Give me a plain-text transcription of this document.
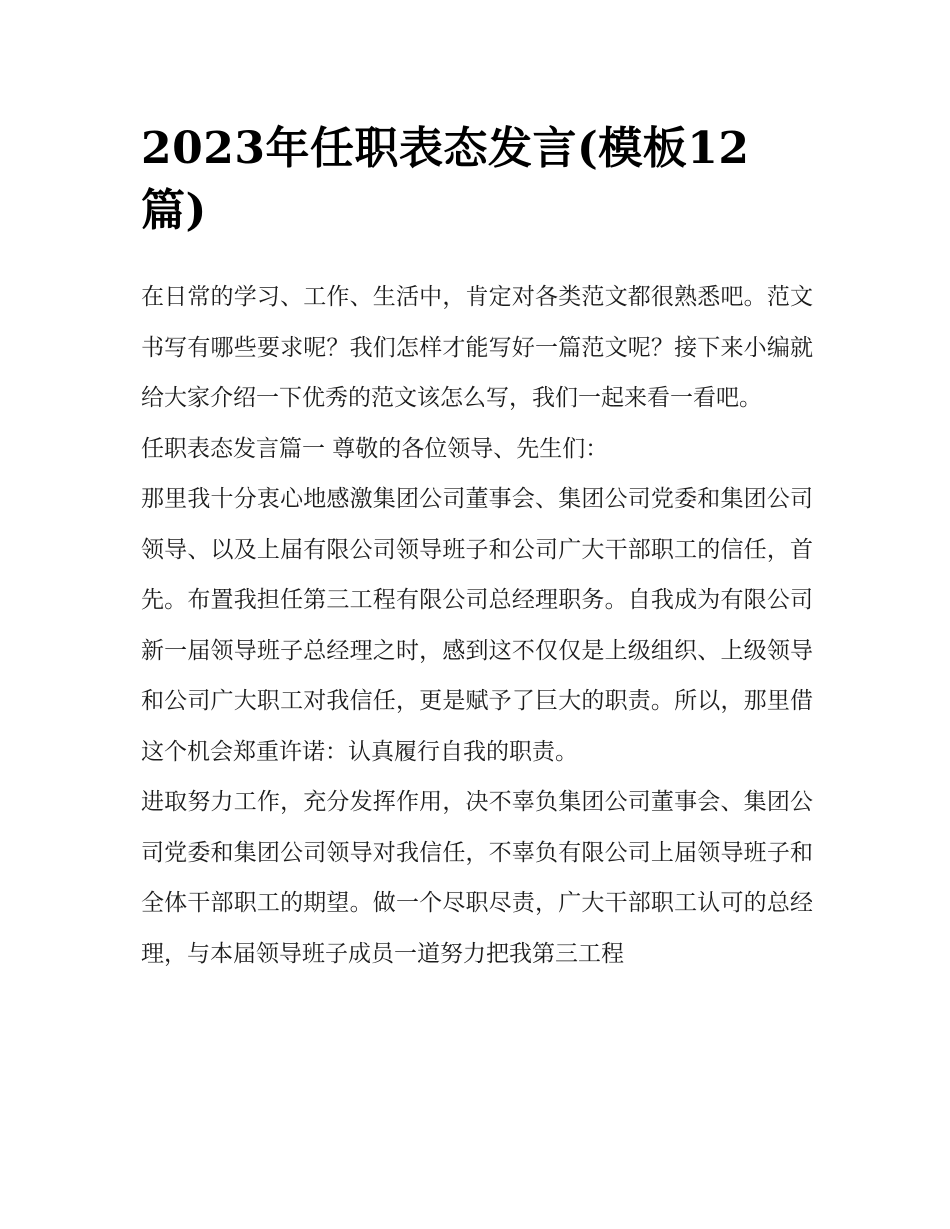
2023年任职表态发言(模板12篇)

在日常的学习、工作、生活中，肯定对各类范文都很熟悉吧。范文书写有哪些要求呢？我们怎样才能写好一篇范文呢？接下来小编就给大家介绍一下优秀的范文该怎么写，我们一起来看一看吧。

任职表态发言篇一 尊敬的各位领导、先生们：

那里我十分衷心地感激集团公司董事会、集团公司党委和集团公司领导、以及上届有限公司领导班子和公司广大干部职工的信任，首先。布置我担任第三工程有限公司总经理职务。自我成为有限公司新一届领导班子总经理之时，感到这不仅仅是上级组织、上级领导和公司广大职工对我信任，更是赋予了巨大的职责。所以，那里借这个机会郑重许诺：认真履行自我的职责。

进取努力工作，充分发挥作用，决不辜负集团公司董事会、集团公司党委和集团公司领导对我信任，不辜负有限公司上届领导班子和全体干部职工的期望。做一个尽职尽责，广大干部职工认可的总经理，与本届领导班子成员一道努力把我第三工程
